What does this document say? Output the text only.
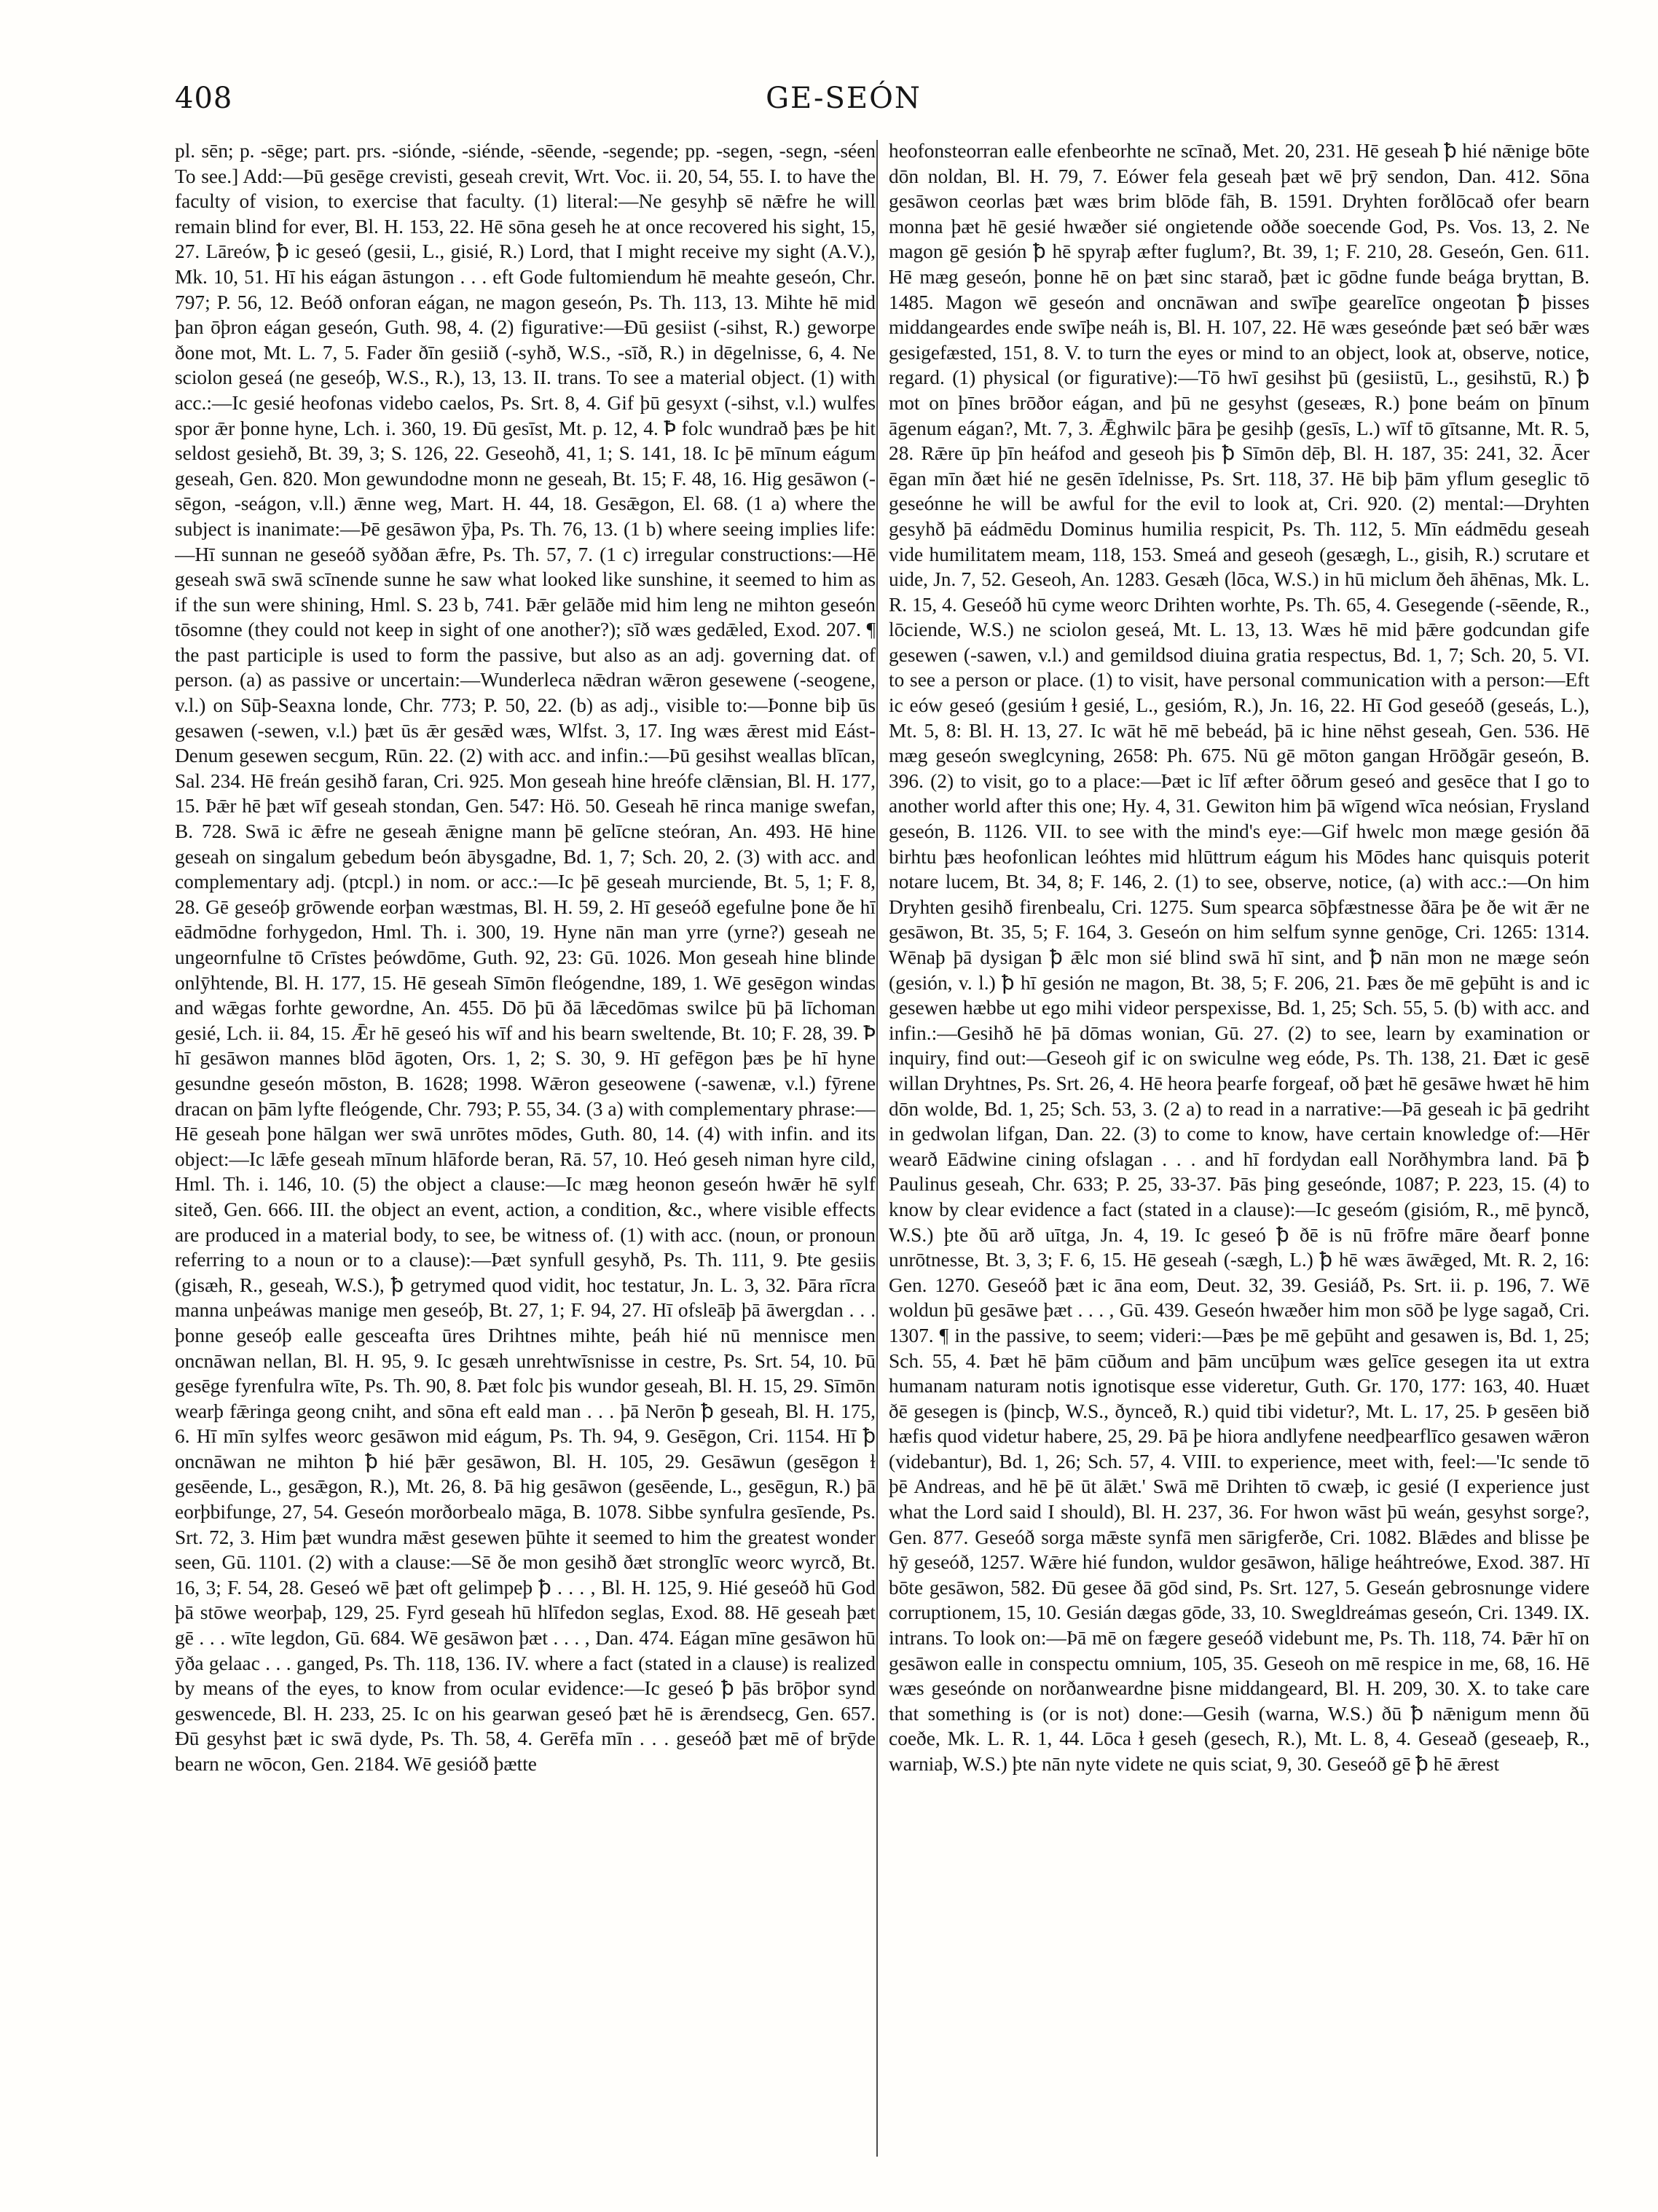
GE-SEÓN
408

pl. sēn; p. -sēge; part. prs. -siónde, -siénde, -sēende, -segende; pp. -segen, -segn, -séen To see.] Add:—Þū gesēge crevisti, geseah crevit, Wrt. Voc. ii. 20, 54, 55. I. to have the faculty of vision, to exercise that faculty. (1) literal:—Ne gesyhþ sē nǣfre he will remain blind for ever, Bl. H. 153, 22. Hē sōna geseh he at once recovered his sight, 15, 27. Lāreów, ꝥ ic geseó (gesii, L., gisié, R.) Lord, that I might receive my sight (A.V.), Mk. 10, 51. Hī his eágan āstungon . . . eft Gode fultomiendum hē meahte geseón, Chr. 797; P. 56, 12. Beóð onforan eágan, ne magon geseón, Ps. Th. 113, 13. Mihte hē mid þan ōþron eágan geseón, Guth. 98, 4. (2) figurative:—Ðū gesiist (-sihst, R.) geworpe ðone mot, Mt. L. 7, 5. Fader ðīn gesiið (-syhð, W.S., -sīð, R.) in dēgelnisse, 6, 4. Ne sciolon geseá (ne geseóþ, W.S., R.), 13, 13. II. trans. To see a material object. (1) with acc.:—Ic gesié heofonas videbo caelos, Ps. Srt. 8, 4. Gif þū gesyxt (-sihst, v.l.) wulfes spor ǣr þonne hyne, Lch. i. 360, 19. Ðū gesīst, Mt. p. 12, 4. Ꝥ folc wundrað þæs þe hit seldost gesiehð, Bt. 39, 3; S. 126, 22. Geseohð, 41, 1; S. 141, 18. Ic þē mīnum eágum geseah, Gen. 820. Mon gewundodne monn ne geseah, Bt. 15; F. 48, 16. Hig gesāwon (-sēgon, -seágon, v.ll.) ǣnne weg, Mart. H. 44, 18. Gesǣgon, El. 68. (1 a) where the subject is inanimate:—Þē gesāwon ȳþa, Ps. Th. 76, 13. (1 b) where seeing implies life:—Hī sunnan ne geseóð syððan ǣfre, Ps. Th. 57, 7. (1 c) irregular constructions:—Hē geseah swā swā scīnende sunne he saw what looked like sunshine, it seemed to him as if the sun were shining, Hml. S. 23 b, 741. Þǣr gelāðe mid him leng ne mihton geseón tōsomne (they could not keep in sight of one another?); sīð wæs gedǣled, Exod. 207. ¶ the past participle is used to form the passive, but also as an adj. governing dat. of person. (a) as passive or uncertain:—Wunderleca nǣdran wǣron gesewene (-seogene, v.l.) on Sūþ-Seaxna londe, Chr. 773; P. 50, 22. (b) as adj., visible to:—Þonne biþ ūs gesawen (-sewen, v.l.) þæt ūs ǣr gesǣd wæs, Wlfst. 3, 17. Ing wæs ǣrest mid Eást-Denum gesewen secgum, Rūn. 22. (2) with acc. and infin.:—Þū gesihst weallas blīcan, Sal. 234. Hē freán gesihð faran, Cri. 925. Mon geseah hine hreófe clǣnsian, Bl. H. 177, 15. Þǣr hē þæt wīf geseah stondan, Gen. 547: Hö. 50. Geseah hē rinca manige swefan, B. 728. Swā ic ǣfre ne geseah ǣnigne mann þē gelīcne steóran, An. 493. Hē hine geseah on singalum gebedum beón ābysgadne, Bd. 1, 7; Sch. 20, 2. (3) with acc. and complementary adj. (ptcpl.) in nom. or acc.:—Ic þē geseah murciende, Bt. 5, 1; F. 8, 28. Gē geseóþ grōwende eorþan wæstmas, Bl. H. 59, 2. Hī geseóð egefulne þone ðe hī eādmōdne forhygedon, Hml. Th. i. 300, 19. Hyne nān man yrre (yrne?) geseah ne ungeornfulne tō Crīstes þeówdōme, Guth. 92, 23: Gū. 1026. Mon geseah hine blinde onlȳhtende, Bl. H. 177, 15. Hē geseah Sīmōn fleógendne, 189, 1. Wē gesēgon windas and wǣgas forhte gewordne, An. 455. Dō þū ðā lǣcedōmas swilce þū þā līchoman gesié, Lch. ii. 84, 15. Ǣr hē geseó his wīf and his bearn sweltende, Bt. 10; F. 28, 39. Ꝥ hī gesāwon mannes blōd āgoten, Ors. 1, 2; S. 30, 9. Hī gefēgon þæs þe hī hyne gesundne geseón mōston, B. 1628; 1998. Wǣron geseowene (-sawenæ, v.l.) fȳrene dracan on þām lyfte fleógende, Chr. 793; P. 55, 34. (3 a) with complementary phrase:—Hē geseah þone hālgan wer swā unrōtes mōdes, Guth. 80, 14. (4) with infin. and its object:—Ic lǣfe geseah mīnum hlāforde beran, Rā. 57, 10. Heó geseh niman hyre cild, Hml. Th. i. 146, 10. (5) the object a clause:—Ic mæg heonon geseón hwǣr hē sylf siteð, Gen. 666. III. the object an event, action, a condition, &c., where visible effects are produced in a material body, to see, be witness of. (1) with acc. (noun, or pronoun referring to a noun or to a clause):—Þæt synfull gesyhð, Ps. Th. 111, 9. Þte gesiis (gisæh, R., geseah, W.S.), ꝥ getrymed quod vidit, hoc testatur, Jn. L. 3, 32. Þāra rīcra manna unþeáwas manige men geseóþ, Bt. 27, 1; F. 94, 27. Hī ofsleāþ þā āwergdan . . . þonne geseóþ ealle gesceafta ūres Drihtnes mihte, þeáh hié nū mennisce men oncnāwan nellan, Bl. H. 95, 9. Ic gesæh unrehtwīsnisse in cestre, Ps. Srt. 54, 10. Þū gesēge fyrenfulra wīte, Ps. Th. 90, 8. Þæt folc þis wundor geseah, Bl. H. 15, 29. Sīmōn wearþ fǣringa geong cniht, and sōna eft eald man . . . þā Nerōn ꝥ geseah, Bl. H. 175, 6. Hī mīn sylfes weorc gesāwon mid eágum, Ps. Th. 94, 9. Gesēgon, Cri. 1154. Hī ꝥ oncnāwan ne mihton ꝥ hié þǣr gesāwon, Bl. H. 105, 29. Gesāwun (gesēgon ɫ gesēende, L., gesǣgon, R.), Mt. 26, 8. Þā hig gesāwon (gesēende, L., gesēgun, R.) þā eorþbifunge, 27, 54. Geseón morðorbealo māga, B. 1078. Sibbe synfulra gesīende, Ps. Srt. 72, 3. Him þæt wundra mǣst gesewen þūhte it seemed to him the greatest wonder seen, Gū. 1101. (2) with a clause:—Sē ðe mon gesihð ðæt stronglīc weorc wyrcð, Bt. 16, 3; F. 54, 28. Geseó wē þæt oft gelimpeþ ꝥ . . . , Bl. H. 125, 9. Hié geseóð hū God þā stōwe weorþaþ, 129, 25. Fyrd geseah hū hlīfedon seglas, Exod. 88. Hē geseah þæt gē . . . wīte legdon, Gū. 684. Wē gesāwon þæt . . . , Dan. 474. Eágan mīne gesāwon hū ȳða gelaac . . . ganged, Ps. Th. 118, 136. IV. where a fact (stated in a clause) is realized by means of the eyes, to know from ocular evidence:—Ic geseó ꝥ þās brōþor synd geswencede, Bl. H. 233, 25. Ic on his gearwan geseó þæt hē is ǣrendsecg, Gen. 657. Ðū gesyhst þæt ic swā dyde, Ps. Th. 58, 4. Gerēfa mīn . . . geseóð þæt mē of brȳde bearn ne wōcon, Gen. 2184. Wē gesióð þætte

heofonsteorran ealle efenbeorhte ne scīnað, Met. 20, 231. Hē geseah ꝥ hié nǣnige bōte dōn noldan, Bl. H. 79, 7. Eówer fela geseah þæt wē þrȳ sendon, Dan. 412. Sōna gesāwon ceorlas þæt wæs brim blōde fāh, B. 1591. Dryhten forðlōcað ofer bearn monna þæt hē gesié hwæðer sié ongietende oððe soecende God, Ps. Vos. 13, 2. Ne magon gē gesión ꝥ hē spyraþ æfter fuglum?, Bt. 39, 1; F. 210, 28. Geseón, Gen. 611. Hē mæg geseón, þonne hē on þæt sinc starað, þæt ic gōdne funde beága bryttan, B. 1485. Magon wē geseón and oncnāwan and swīþe gearelīce ongeotan ꝥ þisses middangeardes ende swīþe neáh is, Bl. H. 107, 22. Hē wæs geseónde þæt seó bǣr wæs gesigefæsted, 151, 8. V. to turn the eyes or mind to an object, look at, observe, notice, regard. (1) physical (or figurative):—Tō hwī gesihst þū (gesiistū, L., gesihstū, R.) ꝥ mot on þīnes brōðor eágan, and þū ne gesyhst (geseæs, R.) þone beám on þīnum āgenum eágan?, Mt. 7, 3. Ǣghwilc þāra þe gesihþ (gesīs, L.) wīf tō gītsanne, Mt. R. 5, 28. Rǣre ūp þīn heáfod and geseoh þis ꝥ Sīmōn dēþ, Bl. H. 187, 35: 241, 32. Ācer ēgan mīn ðæt hié ne gesēn īdelnisse, Ps. Srt. 118, 37. Hē biþ þām yflum geseglic tō geseónne he will be awful for the evil to look at, Cri. 920. (2) mental:—Dryhten gesyhð þā eádmēdu Dominus humilia respicit, Ps. Th. 112, 5. Mīn eádmēdu geseah vide humilitatem meam, 118, 153. Smeá and geseoh (gesægh, L., gisih, R.) scrutare et uide, Jn. 7, 52. Geseoh, An. 1283. Gesæh (lōca, W.S.) in hū miclum ðeh āhēnas, Mk. L. R. 15, 4. Geseóð hū cyme weorc Drihten worhte, Ps. Th. 65, 4. Gesegende (-sēende, R., lōciende, W.S.) ne sciolon geseá, Mt. L. 13, 13. Wæs hē mid þǣre godcundan gife gesewen (-sawen, v.l.) and gemildsod diuina gratia respectus, Bd. 1, 7; Sch. 20, 5. VI. to see a person or place. (1) to visit, have personal communication with a person:—Eft ic eów geseó (gesiúm ɫ gesié, L., gesióm, R.), Jn. 16, 22. Hī God geseóð (geseás, L.), Mt. 5, 8: Bl. H. 13, 27. Ic wāt hē mē bebeád, þā ic hine nēhst geseah, Gen. 536. Hē mæg geseón sweglcyning, 2658: Ph. 675. Nū gē mōton gangan Hrōðgār geseón, B. 396. (2) to visit, go to a place:—Þæt ic līf æfter ōðrum geseó and gesēce that I go to another world after this one; Hy. 4, 31. Gewiton him þā wīgend wīca neósian, Frysland geseón, B. 1126. VII. to see with the mind's eye:—Gif hwelc mon mæge gesión ðā birhtu þæs heofonlican leóhtes mid hlūttrum eágum his Mōdes hanc quisquis poterit notare lucem, Bt. 34, 8; F. 146, 2. (1) to see, observe, notice, (a) with acc.:—On him Dryhten gesihð firenbealu, Cri. 1275. Sum spearca sōþfæstnesse ðāra þe ðe wit ǣr ne gesāwon, Bt. 35, 5; F. 164, 3. Geseón on him selfum synne genōge, Cri. 1265: 1314. Wēnaþ þā dysigan ꝥ ǣlc mon sié blind swā hī sint, and ꝥ nān mon ne mæge seón (gesión, v. l.) ꝥ hī gesión ne magon, Bt. 38, 5; F. 206, 21. Þæs ðe mē geþūht is and ic gesewen hæbbe ut ego mihi videor perspexisse, Bd. 1, 25; Sch. 55, 5. (b) with acc. and infin.:—Gesihð hē þā dōmas wonian, Gū. 27. (2) to see, learn by examination or inquiry, find out:—Geseoh gif ic on swiculne weg eóde, Ps. Th. 138, 21. Ðæt ic gesē willan Dryhtnes, Ps. Srt. 26, 4. Hē heora þearfe forgeaf, oð þæt hē gesāwe hwæt hē him dōn wolde, Bd. 1, 25; Sch. 53, 3. (2 a) to read in a narrative:—Þā geseah ic þā gedriht in gedwolan lifgan, Dan. 22. (3) to come to know, have certain knowledge of:—Hēr wearð Eādwine cining ofslagan . . . and hī fordydan eall Norðhymbra land. Þā ꝥ Paulinus geseah, Chr. 633; P. 25, 33-37. Þās þing geseónde, 1087; P. 223, 15. (4) to know by clear evidence a fact (stated in a clause):—Ic geseóm (gisióm, R., mē þyncð, W.S.) þte ðū arð uītga, Jn. 4, 19. Ic geseó ꝥ ðē is nū frōfre māre ðearf þonne unrōtnesse, Bt. 3, 3; F. 6, 15. Hē geseah (-sægh, L.) ꝥ hē wæs āwǣged, Mt. R. 2, 16: Gen. 1270. Geseóð þæt ic āna eom, Deut. 32, 39. Gesiáð, Ps. Srt. ii. p. 196, 7. Wē woldun þū gesāwe þæt . . . , Gū. 439. Geseón hwæðer him mon sōð þe lyge sagað, Cri. 1307. ¶ in the passive, to seem; videri:—Þæs þe mē geþūht and gesawen is, Bd. 1, 25; Sch. 55, 4. Þæt hē þām cūðum and þām uncūþum wæs gelīce gesegen ita ut extra humanam naturam notis ignotisque esse videretur, Guth. Gr. 170, 177: 163, 40. Huæt ðē gesegen is (þincþ, W.S., ðynceð, R.) quid tibi videtur?, Mt. L. 17, 25. Þ gesēen bið hæfis quod videtur habere, 25, 29. Þā þe hiora andlyfene needþearflīco gesawen wǣron (videbantur), Bd. 1, 26; Sch. 57, 4. VIII. to experience, meet with, feel:—'Ic sende tō þē Andreas, and hē þē ūt ālǣt.' Swā mē Drihten tō cwæþ, ic gesié (I experience just what the Lord said I should), Bl. H. 237, 36. For hwon wāst þū weán, gesyhst sorge?, Gen. 877. Geseóð sorga mǣste synfā men sārigferðe, Cri. 1082. Blǣdes and blisse þe hȳ geseóð, 1257. Wǣre hié fundon, wuldor gesāwon, hālige heáhtreówe, Exod. 387. Hī bōte gesāwon, 582. Ðū gesee ðā gōd sind, Ps. Srt. 127, 5. Geseán gebrosnunge videre corruptionem, 15, 10. Gesián dægas gōde, 33, 10. Swegldreámas geseón, Cri. 1349. IX. intrans. To look on:—Þā mē on fægere geseóð videbunt me, Ps. Th. 118, 74. Þǣr hī on gesāwon ealle in conspectu omnium, 105, 35. Geseoh on mē respice in me, 68, 16. Hē wæs geseónde on norðanweardne þisne middangeard, Bl. H. 209, 30. X. to take care that something is (or is not) done:—Gesih (warna, W.S.) ðū ꝥ nǣnigum menn ðū coeðe, Mk. L. R. 1, 44. Lōca ɫ geseh (gesech, R.), Mt. L. 8, 4. Geseað (geseaeþ, R., warniaþ, W.S.) þte nān nyte videte ne quis sciat, 9, 30. Geseóð gē ꝥ hē ǣrest
